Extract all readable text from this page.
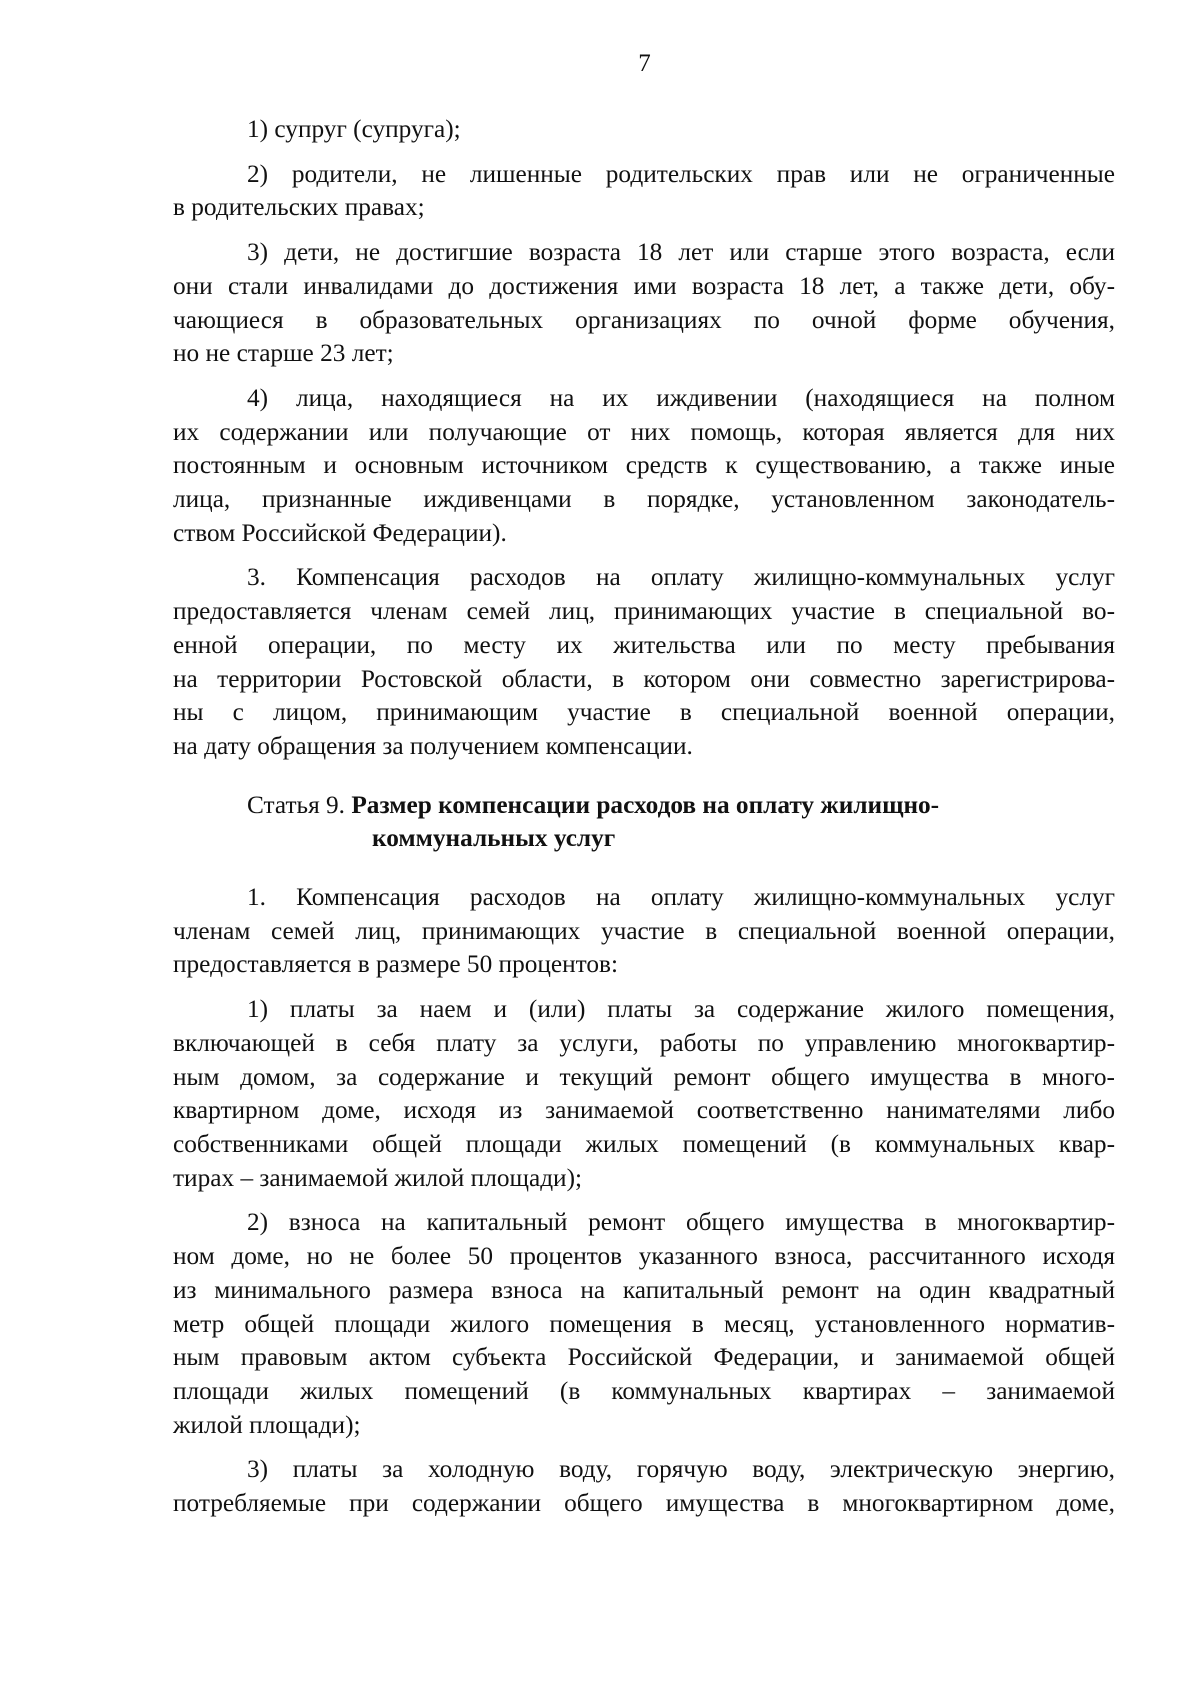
7
1) супруг (супруга);
2) родители, не лишенные родительских прав или не ограниченные
в родительских правах;
3) дети, не достигшие возраста 18 лет или старше этого возраста, если
они стали инвалидами до достижения ими возраста 18 лет, а также дети, обу-
чающиеся в образовательных организациях по очной форме обучения,
но не старше 23 лет;
4) лица, находящиеся на их иждивении (находящиеся на полном
их содержании или получающие от них помощь, которая является для них
постоянным и основным источником средств к существованию, а также иные
лица, признанные иждивенцами в порядке, установленном законодатель-
ством Российской Федерации).
3. Компенсация расходов на оплату жилищно-коммунальных услуг
предоставляется членам семей лиц, принимающих участие в специальной во-
енной операции, по месту их жительства или по месту пребывания
на территории Ростовской области, в котором они совместно зарегистрирова-
ны с лицом, принимающим участие в специальной военной операции,
на дату обращения за получением компенсации.
Статья 9. Размер компенсации расходов на оплату жилищно-
коммунальных услуг
1. Компенсация расходов на оплату жилищно-коммунальных услуг
членам семей лиц, принимающих участие в специальной военной операции,
предоставляется в размере 50 процентов:
1) платы за наем и (или) платы за содержание жилого помещения,
включающей в себя плату за услуги, работы по управлению многоквартир-
ным домом, за содержание и текущий ремонт общего имущества в много-
квартирном доме, исходя из занимаемой соответственно нанимателями либо
собственниками общей площади жилых помещений (в коммунальных квар-
тирах – занимаемой жилой площади);
2) взноса на капитальный ремонт общего имущества в многоквартир-
ном доме, но не более 50 процентов указанного взноса, рассчитанного исходя
из минимального размера взноса на капитальный ремонт на один квадратный
метр общей площади жилого помещения в месяц, установленного норматив-
ным правовым актом субъекта Российской Федерации, и занимаемой общей
площади жилых помещений (в коммунальных квартирах – занимаемой
жилой площади);
3) платы за холодную воду, горячую воду, электрическую энергию,
потребляемые при содержании общего имущества в многоквартирном доме,
